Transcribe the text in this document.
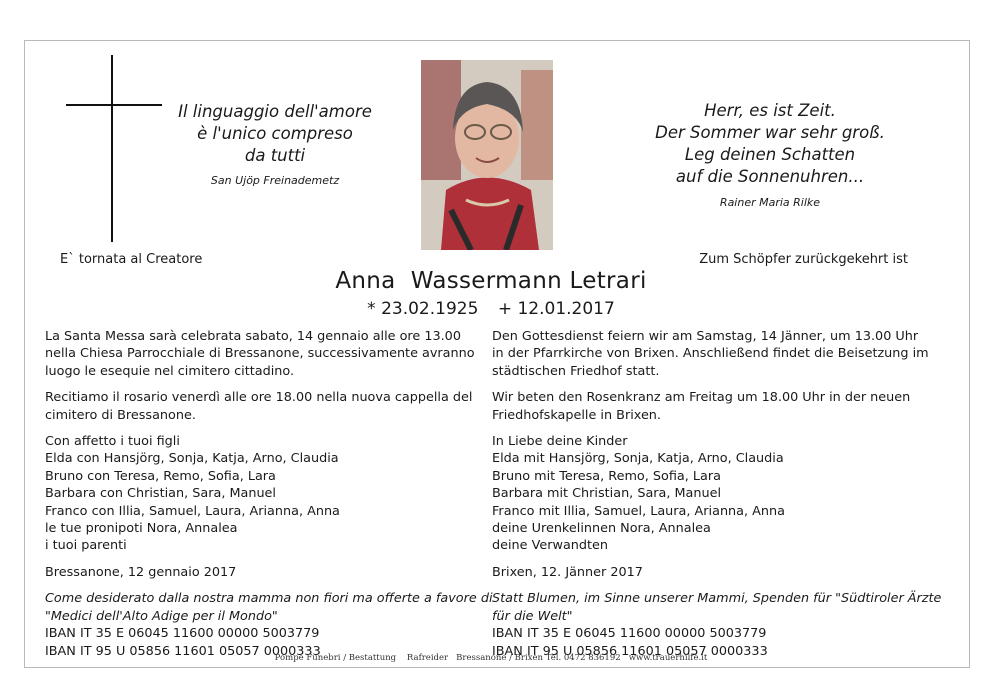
Il linguaggio dell'amore
è l'unico compreso
da tutti
San Ujöp Freinademetz
Herr, es ist Zeit.
Der Sommer war sehr groß.
Leg deinen Schatten
auf die Sonnenuhren...
Rainer Maria Rilke
E` tornata al Creatore	Zum Schöpfer zurückgekehrt ist
Anna  Wassermann Letrari
* 23.02.1925 + 12.01.2017

La Santa Messa sarà celebrata sabato, 14 gennaio alle ore 13.00 nella Chiesa Parrocchiale di Bressanone, successivamente avranno luogo le esequie nel cimitero cittadino.

Recitiamo il rosario venerdì alle ore 18.00 nella nuova cappella del cimitero di Bressanone.

Con affetto i tuoi figli
Elda con Hansjörg, Sonja, Katja, Arno, Claudia
Bruno con Teresa, Remo, Sofia, Lara
Barbara con Christian, Sara, Manuel
Franco con Illia, Samuel, Laura, Arianna, Anna
le tue pronipoti Nora, Annalea
i tuoi parenti

Bressanone, 12 gennaio 2017

Come desiderato dalla nostra mamma non fiori ma offerte a favore di
"Medici dell'Alto Adige per il Mondo"
IBAN IT 35 E 06045 11600 00000 5003779
IBAN IT 95 U 05856 11601 05057 0000333

Den Gottesdienst feiern wir am Samstag, 14 Jänner, um 13.00 Uhr in der Pfarrkirche von Brixen. Anschließend findet die Beisetzung im städtischen Friedhof statt.

Wir beten den Rosenkranz am Freitag um 18.00 Uhr in der neuen Friedhofskapelle in Brixen.

In Liebe deine Kinder
Elda mit Hansjörg, Sonja, Katja, Arno, Claudia
Bruno mit Teresa, Remo, Sofia, Lara
Barbara mit Christian, Sara, Manuel
Franco mit Illia, Samuel, Laura, Arianna, Anna
deine Urenkelinnen Nora, Annalea
deine Verwandten

Brixen, 12. Jänner 2017

Statt Blumen, im Sinne unserer Mammi, Spenden für "Südtiroler Ärzte
für die Welt"
IBAN IT 35 E 06045 11600 00000 5003779
IBAN IT 95 U 05856 11601 05057 0000333
Pompe Funebri / Bestattung    Rafreider   Bressanone / Brixen Tel. 0472 836192   www.trauerhilfe.it
